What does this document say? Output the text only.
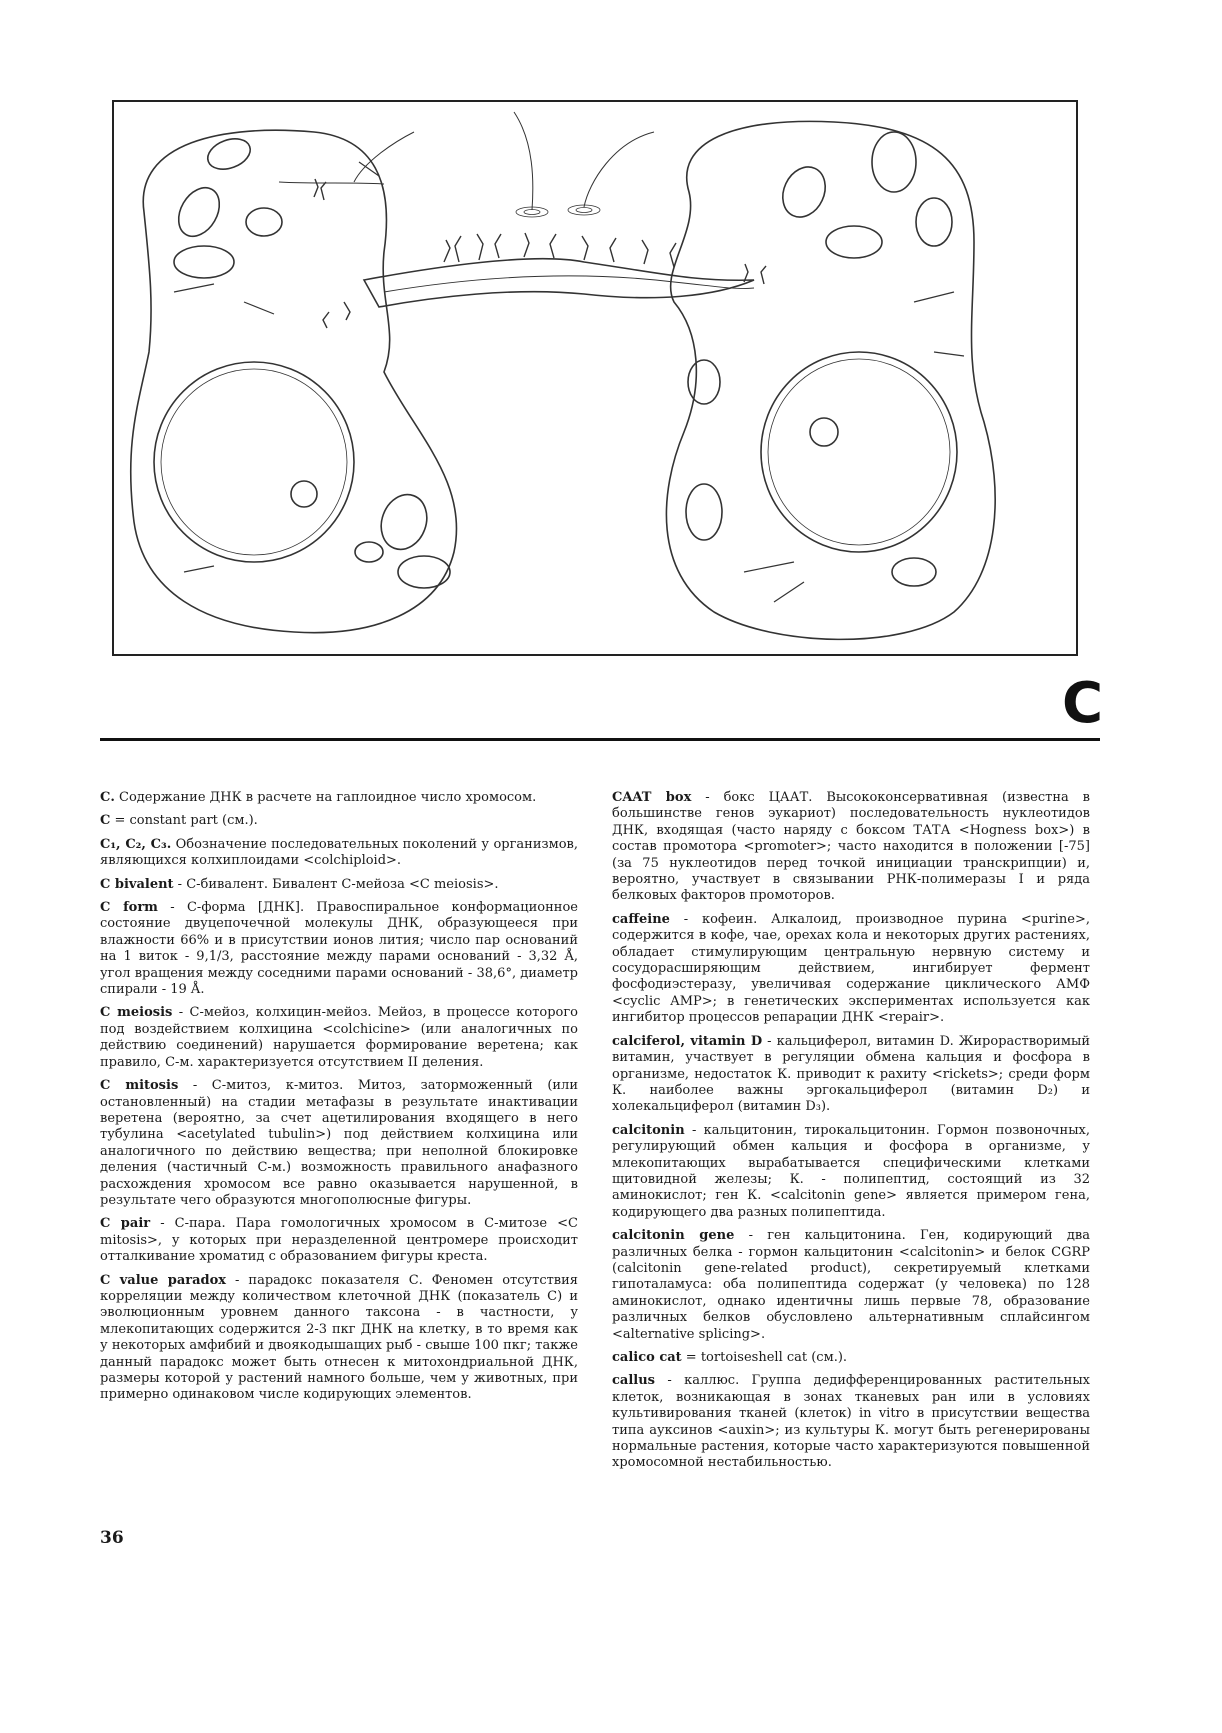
C

С. Содержание ДНК в расчете на гаплоидное число хромосом.

С = constant part (см.).

С₁, С₂, С₃. Обозначение последовательных поколений у организмов, являющихся колхиплоидами <colchiploid>.

С bivalent - С-бивалент. Бивалент С-мейоза <C meiosis>.

С form - С-форма [ДНК]. Правоспиральное конформационное состояние двуцепочечной молекулы ДНК, образующееся при влажности 66% и в присутствии ионов лития; число пар оснований на 1 виток - 9,1/3, расстояние между парами оснований - 3,32 Å, угол вращения между соседними парами оснований - 38,6°, диаметр спирали - 19 Å.

С meiosis - С-мейоз, колхицин-мейоз. Мейоз, в процессе которого под воздействием колхицина <colchicine> (или аналогичных по действию соединений) нарушается формирование веретена; как правило, С-м. характеризуется отсутствием II деления.

С mitosis - С-митоз, к-митоз. Митоз, заторможенный (или остановленный) на стадии метафазы в результате инактивации веретена (вероятно, за счет ацетилирования входящего в него тубулина <acetylated tubulin>) под действием колхицина или аналогичного по действию вещества; при неполной блокировке деления (частичный С-м.) возможность правильного анафазного расхождения хромосом все равно оказывается нарушенной, в результате чего образуются многополюсные фигуры.

С pair - С-пара. Пара гомологичных хромосом в С-митозе <C mitosis>, у которых при неразделенной центромере происходит отталкивание хроматид с образованием фигуры креста.

С value paradox - парадокс показателя С. Феномен отсутствия корреляции между количеством клеточной ДНК (показатель С) и эволюционным уровнем данного таксона - в частности, у млекопитающих содержится 2-3 пкг ДНК на клетку, в то время как у некоторых амфибий и двоякодышащих рыб - свыше 100 пкг; также данный парадокс может быть отнесен к митохондриальной ДНК, размеры которой у растений намного больше, чем у животных, при примерно одинаковом числе кодирующих элементов.

CAAT box - бокс ЦААТ. Высококонсервативная (известна в большинстве генов эукариот) последовательность нуклеотидов ДНК, входящая (часто наряду с боксом ТАТА <Hogness box>) в состав промотора <promoter>; часто находится в положении [-75] (за 75 нуклеотидов перед точкой инициации транскрипции) и, вероятно, участвует в связывании РНК-полимеразы I и ряда белковых факторов промоторов.

caffeine - кофеин. Алкалоид, производное пурина <purine>, содержится в кофе, чае, орехах кола и некоторых других растениях, обладает стимулирующим центральную нервную систему и сосудорасширяющим действием, ингибирует фермент фосфодиэстеразу, увеличивая содержание циклического АМФ <cyclic AMP>; в генетических экспериментах используется как ингибитор процессов репарации ДНК <repair>.

calciferol, vitamin D - кальциферол, витамин D. Жирорастворимый витамин, участвует в регуляции обмена кальция и фосфора в организме, недостаток К. приводит к рахиту <rickets>; среди форм К. наиболее важны эргокальциферол (витамин D₂) и холекальциферол (витамин D₃).

calcitonin - кальцитонин, тирокальцитонин. Гормон позвоночных, регулирующий обмен кальция и фосфора в организме, у млекопитающих вырабатывается специфическими клетками щитовидной железы; К. - полипептид, состоящий из 32 аминокислот; ген К. <calcitonin gene> является примером гена, кодирующего два разных полипептида.

calcitonin gene - ген кальцитонина. Ген, кодирующий два различных белка - гормон кальцитонин <calcitonin> и белок CGRP (calcitonin gene-related product), секретируемый клетками гипоталамуса: оба полипептида содержат (у человека) по 128 аминокислот, однако идентичны лишь первые 78, образование различных белков обусловлено альтернативным сплайсингом <alternative splicing>.

calico cat = tortoiseshell cat (см.).

callus - каллюс. Группа дедифференцированных растительных клеток, возникающая в зонах тканевых ран или в условиях культивирования тканей (клеток) in vitro в присутствии вещества типа ауксинов <auxin>; из культуры К. могут быть регенерированы нормальные растения, которые часто характеризуются повышенной хромосомной нестабильностью.

36
